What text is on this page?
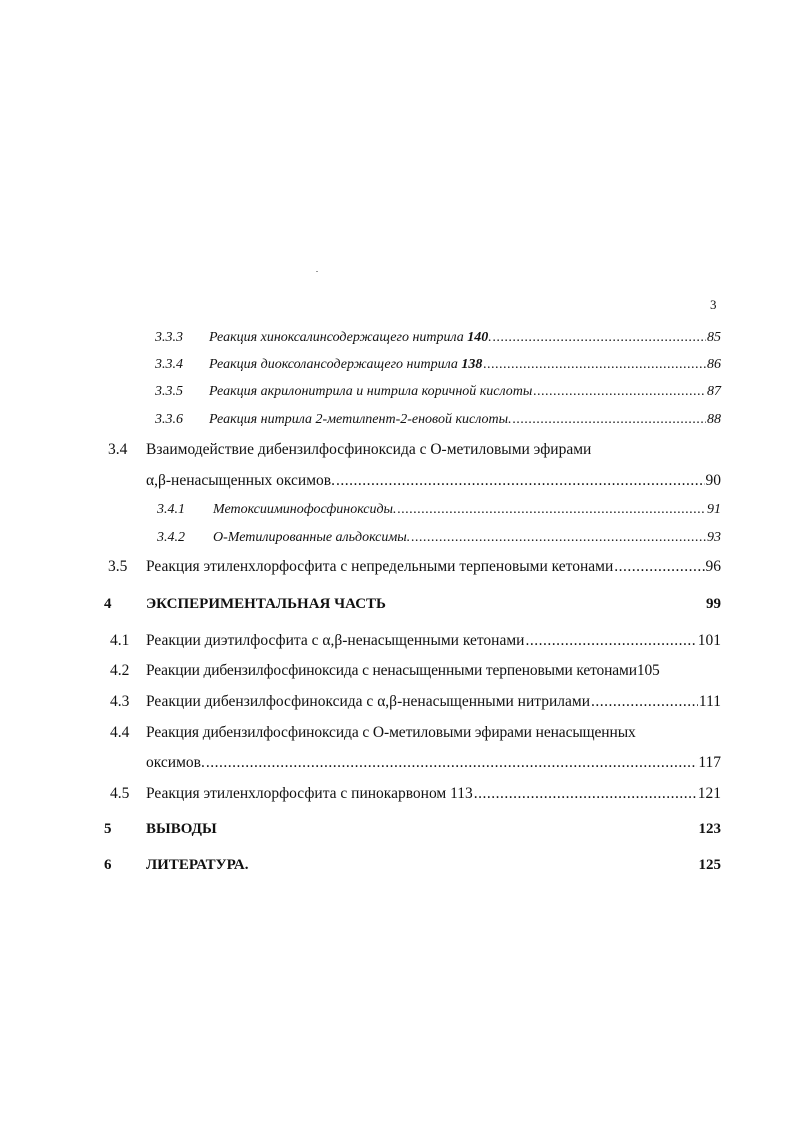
3
3.3.3 Реакция хиноксалинсодержащего нитрила 140. .....	85
3.3.4 Реакция диоксоланcодержащего нитрила 138 .....	86
3.3.5 Реакция акрилонитрила и нитрила коричной кислоты .....	87
3.3.6 Реакция нитрила 2-метилпент-2-еновой кислоты. .....	88
3.4 Взаимодействие дибензилфосфиноксида с О-метиловыми эфирами
α,β-ненасыщенных оксимов. .....	90
3.4.1 Метоксииминофосфиноксиды. .....	91
3.4.2 О-Метилированные альдоксимы. .....	93
3.5 Реакция этиленхлорфосфита с непредельными терпеновыми кетонами .....	96
4 ЭКСПЕРИМЕНТАЛЬНАЯ ЧАСТЬ	99
4.1 Реакции диэтилфосфита с α,β-ненасыщенными кетонами .....	101
4.2 Реакции дибензилфосфиноксида с ненасыщенными терпеновыми кетонами105
4.3 Реакции дибензилфосфиноксида с α,β-ненасыщенными нитрилами .....	111
4.4 Реакция дибензилфосфиноксида с О-метиловыми эфирами ненасыщенных
оксимов. .....	117
4.5 Реакция этиленхлорфосфита с пинокарвоном 113 .....	121
5 ВЫВОДЫ	123
6 ЛИТЕРАТУРА.	125
